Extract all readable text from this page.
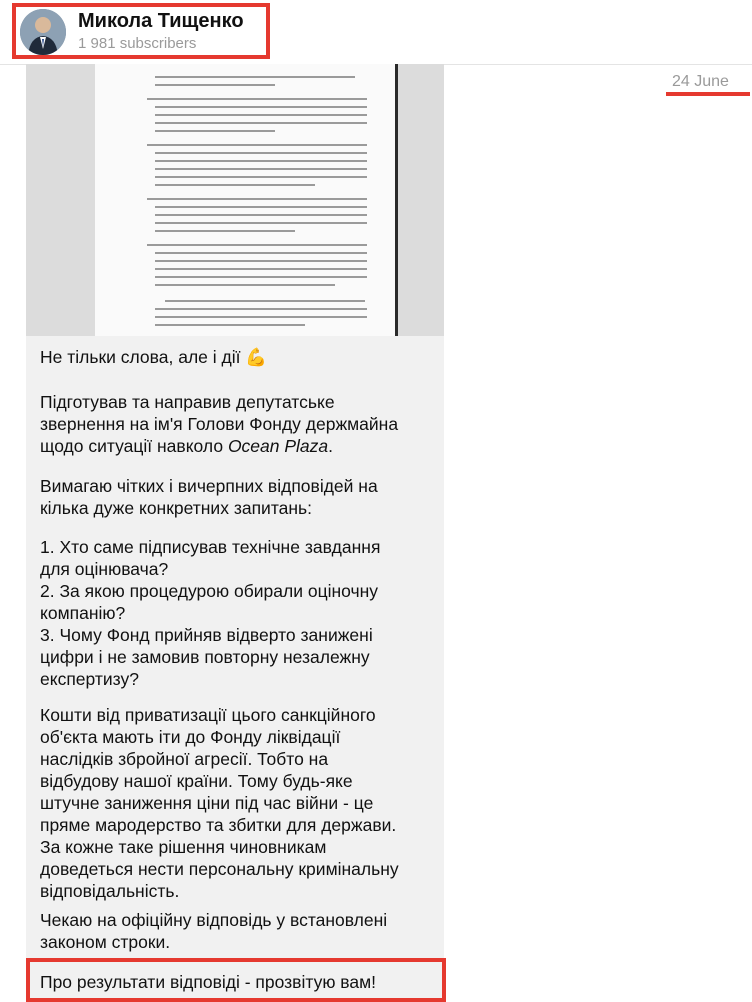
Микола Тищенко
1 981 subscribers
24 June

Не тільки слова, але і дії 💪

Підготував та направив депутатське

звернення на ім'я Голови Фонду держмайна

щодо ситуації навколо Ocean Plaza.

Вимагаю чітких і вичерпних відповідей на

кілька дуже конкретних запитань:

1. Хто саме підписував технічне завдання

для оцінювача?

2. За якою процедурою обирали оціночну

компанію?

3. Чому Фонд прийняв відверто занижені

цифри і не замовив повторну незалежну

експертизу?

Кошти від приватизації цього санкційного

об'єкта мають іти до Фонду ліквідації

наслідків збройної агресії. Тобто на

відбудову нашої країни. Тому будь-яке

штучне заниження ціни під час війни - це

пряме мародерство та збитки для держави.

За кожне таке рішення чиновникам

доведеться нести персональну кримінальну

відповідальність.

Чекаю на офіційну відповідь у встановлені

законом строки.

Про результати відповіді - прозвітую вам!
